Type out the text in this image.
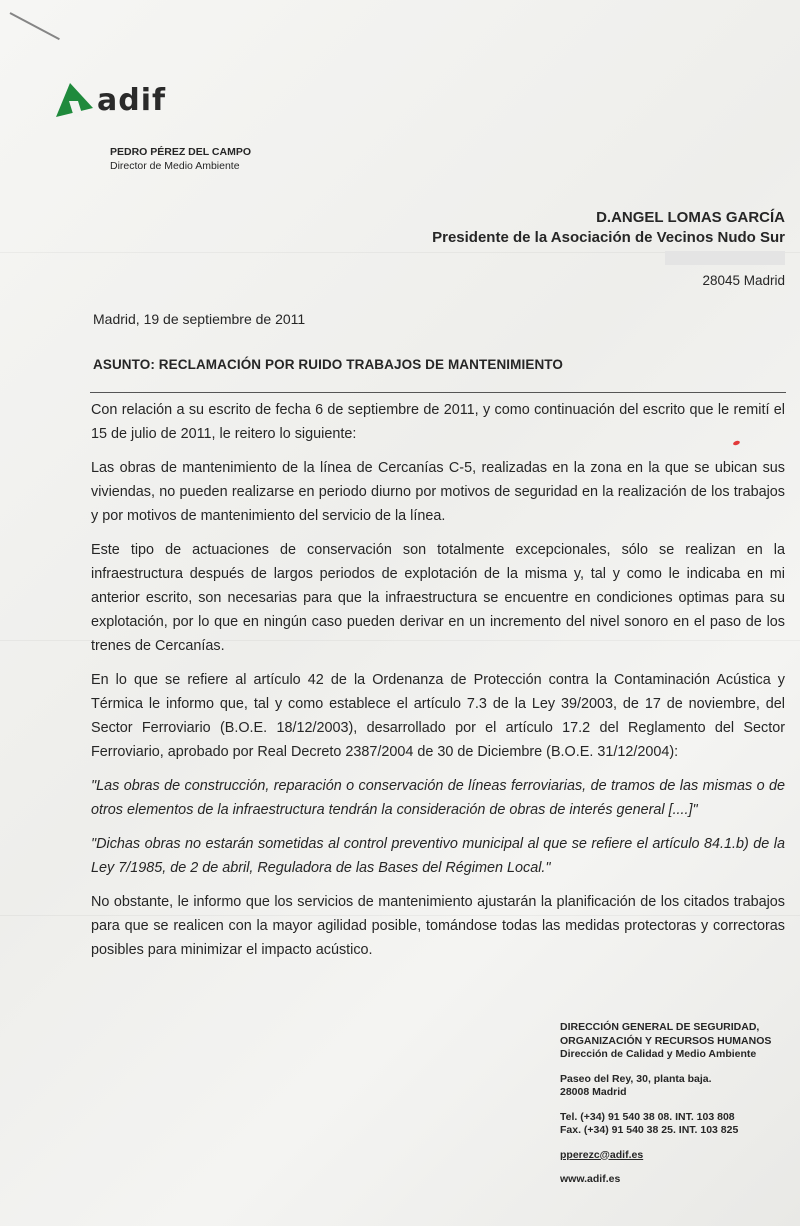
adif
PEDRO PÉREZ DEL CAMPO
Director de Medio Ambiente
D.ANGEL LOMAS GARCÍA
Presidente de la Asociación de Vecinos Nudo Sur
28045 Madrid
Madrid, 19 de septiembre de 2011
ASUNTO: RECLAMACIÓN POR RUIDO TRABAJOS DE MANTENIMIENTO

Con relación a su escrito de fecha 6 de septiembre de 2011, y como continuación del escrito que le remití el 15 de julio de 2011, le reitero lo siguiente:

Las obras de mantenimiento de la línea de Cercanías C-5, realizadas en la zona en la que se ubican sus viviendas, no pueden realizarse en periodo diurno por motivos de seguridad en la realización de los trabajos y por motivos de mantenimiento del servicio de la línea.

Este tipo de actuaciones de conservación son totalmente excepcionales, sólo se realizan en la infraestructura después de largos periodos de explotación de la misma y, tal y como le indicaba en mi anterior escrito, son necesarias para que la infraestructura se encuentre en condiciones optimas para su explotación, por lo que en ningún caso pueden derivar en un incremento del nivel sonoro en el paso de los trenes de Cercanías.

En lo que se refiere al artículo 42 de la Ordenanza de Protección contra la Contaminación Acústica y Térmica le informo que, tal y como establece el artículo 7.3 de la Ley 39/2003, de 17 de noviembre, del Sector Ferroviario (B.O.E. 18/12/2003), desarrollado por el artículo 17.2 del Reglamento del Sector Ferroviario, aprobado por Real Decreto 2387/2004 de 30 de Diciembre (B.O.E. 31/12/2004):

"Las obras de construcción, reparación o conservación de líneas ferroviarias, de tramos de las mismas o de otros elementos de la infraestructura tendrán la consideración de obras de interés general [....]"

"Dichas obras no estarán sometidas al control preventivo municipal al que se refiere el artículo 84.1.b) de la Ley 7/1985, de 2 de abril, Reguladora de las Bases del Régimen Local."

No obstante, le informo que los servicios de mantenimiento ajustarán la planificación de los citados trabajos para que se realicen con la mayor agilidad posible, tomándose todas las medidas protectoras y correctoras posibles para minimizar el impacto acústico.

DIRECCIÓN GENERAL DE SEGURIDAD,
ORGANIZACIÓN Y RECURSOS HUMANOS
Dirección de Calidad y Medio Ambiente
Paseo del Rey, 30, planta baja.
28008 Madrid
Tel. (+34) 91 540 38 08. INT. 103 808
Fax. (+34) 91 540 38 25. INT. 103 825
pperezc@adif.es
www.adif.es
